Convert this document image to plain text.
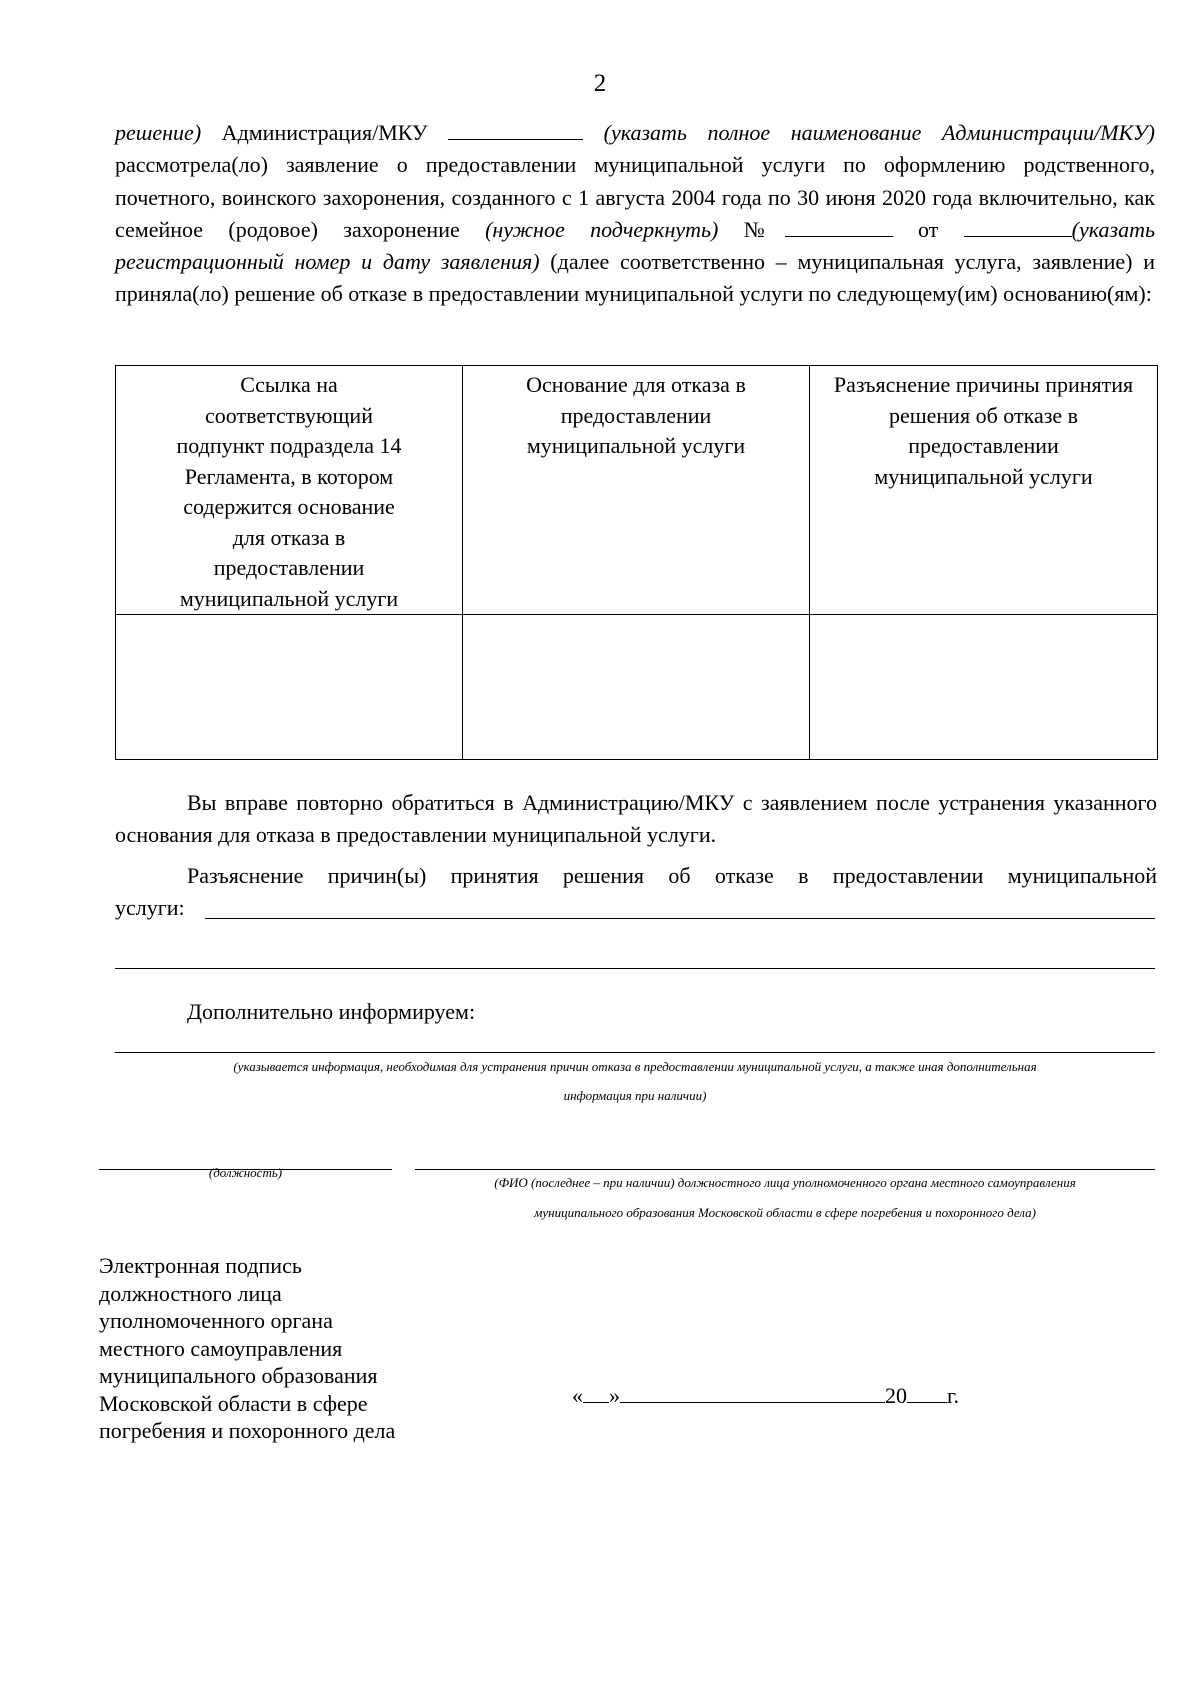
2
решение) Администрация/МКУ	(указать полное наименование Администрации/МКУ) рассмотрела(ло) заявление о предоставлении муниципальной услуги по оформлению родственного, почетного, воинского захоронения, созданного с 1 августа 2004 года по 30 июня 2020 года включительно, как семейное (родовое) захоронение (нужное подчеркнуть) №	от	(указать регистрационный номер и дату заявления) (далее соответственно – муниципальная услуга, заявление) и приняла(ло) решение об отказе в предоставлении муниципальной услуги по следующему(им) основанию(ям):
Ссылка на соответствующий подпункт подраздела 14 Регламента, в котором содержится основание для отказа в предоставлении муниципальной услуги	Основание для отказа в предоставлении муниципальной услуги	Разъяснение причины принятия решения об отказе в предоставлении муниципальной услуги

Вы вправе повторно обратиться в Администрацию/МКУ с заявлением после устранения указанного основания для отказа в предоставлении муниципальной услуги.
Разъяснение причин(ы) принятия решения об отказе в предоставлении муниципальной
услуги:
Дополнительно информируем:
(указывается информация, необходимая для устранения причин отказа в предоставлении муниципальной услуги, а также иная дополнительная
информация при наличии)
(должность)
(ФИО (последнее – при наличии) должностного лица уполномоченного органа местного самоуправления
муниципального образования Московской области в сфере погребения и похоронного дела)
Электронная подпись должностного лица уполномоченного органа местного самоуправления муниципального образования Московской области в сфере погребения и похоронного дела
« »	20 г.
